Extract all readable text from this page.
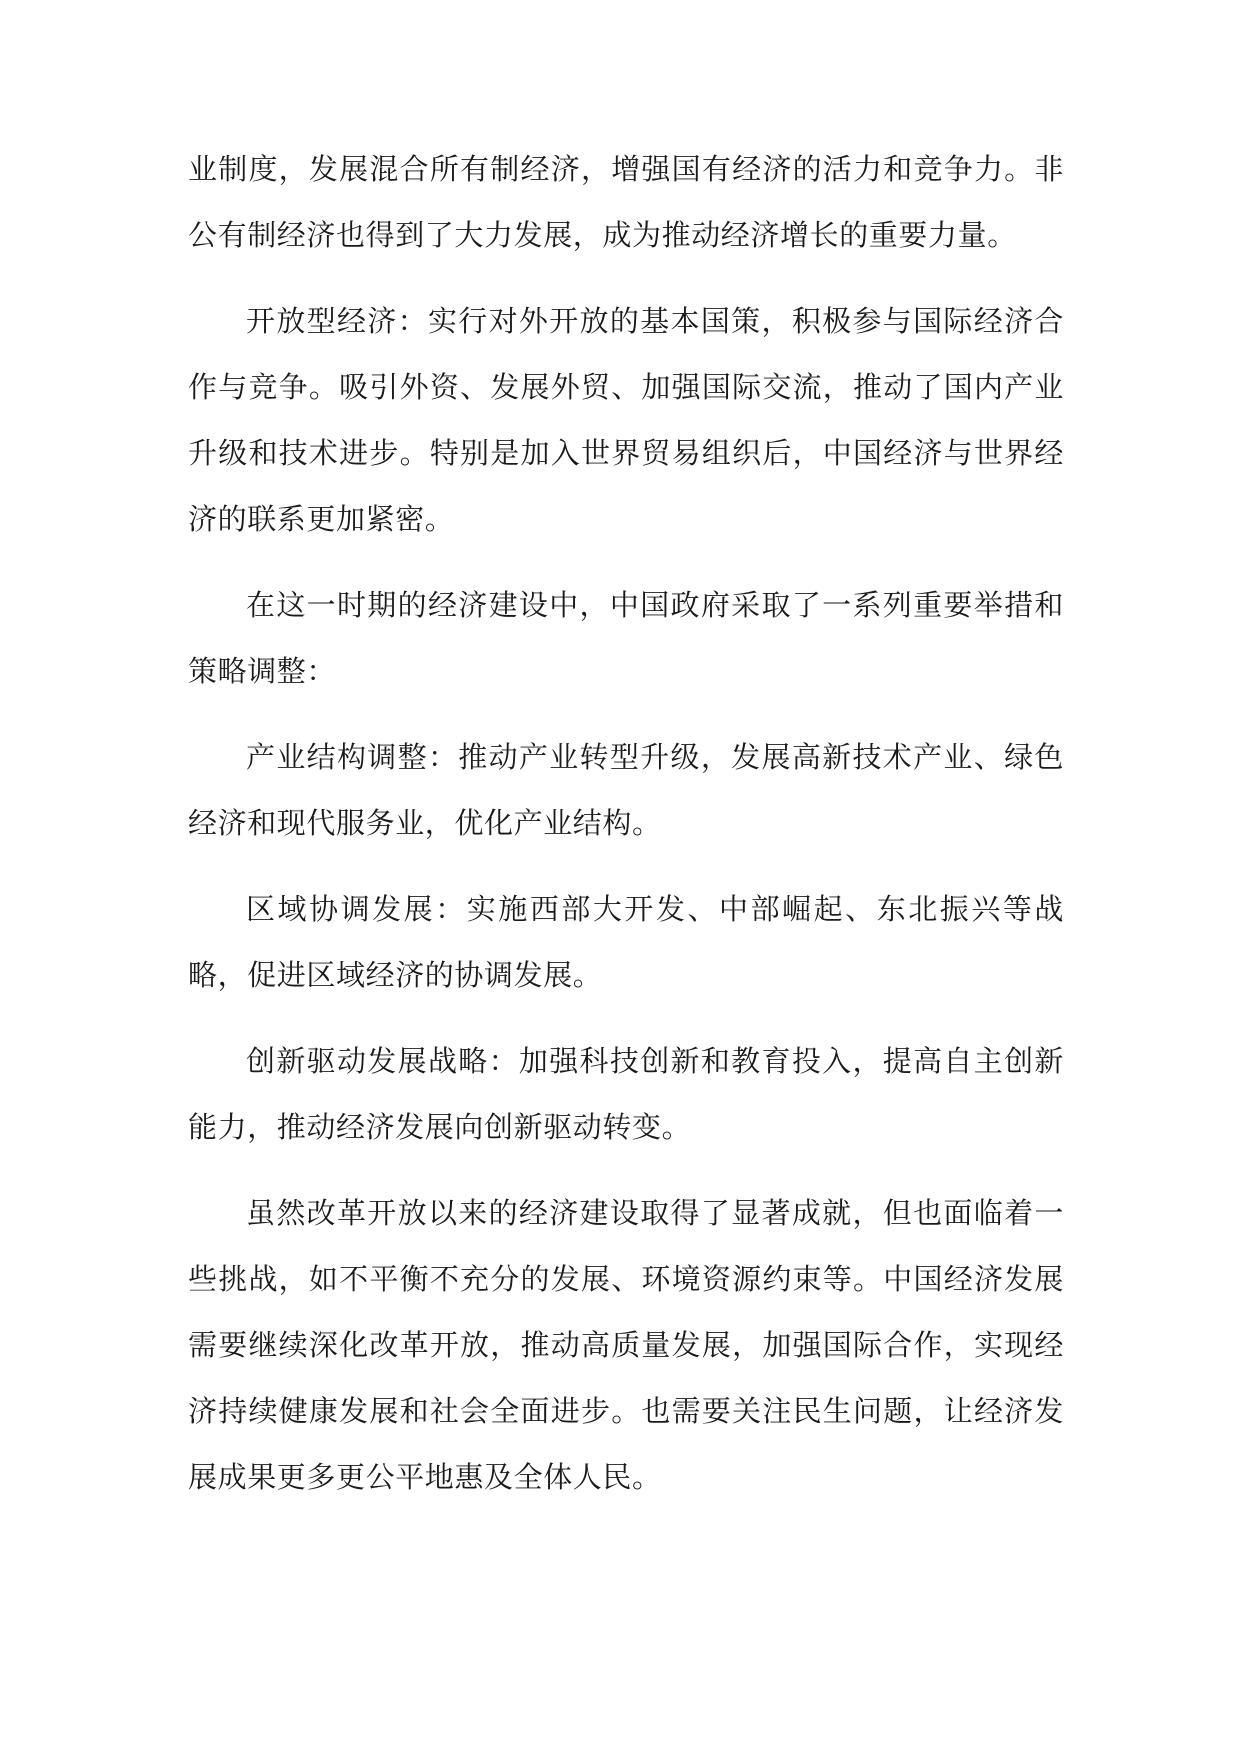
业制度，发展混合所有制经济，增强国有经济的活力和竞争力。非公有制经济也得到了大力发展，成为推动经济增长的重要力量。

开放型经济：实行对外开放的基本国策，积极参与国际经济合作与竞争。吸引外资、发展外贸、加强国际交流，推动了国内产业升级和技术进步。特别是加入世界贸易组织后，中国经济与世界经济的联系更加紧密。

在这一时期的经济建设中，中国政府采取了一系列重要举措和策略调整：

产业结构调整：推动产业转型升级，发展高新技术产业、绿色经济和现代服务业，优化产业结构。

区域协调发展：实施西部大开发、中部崛起、东北振兴等战略，促进区域经济的协调发展。

创新驱动发展战略：加强科技创新和教育投入，提高自主创新能力，推动经济发展向创新驱动转变。

虽然改革开放以来的经济建设取得了显著成就，但也面临着一些挑战，如不平衡不充分的发展、环境资源约束等。中国经济发展需要继续深化改革开放，推动高质量发展，加强国际合作，实现经济持续健康发展和社会全面进步。也需要关注民生问题，让经济发展成果更多更公平地惠及全体人民。
